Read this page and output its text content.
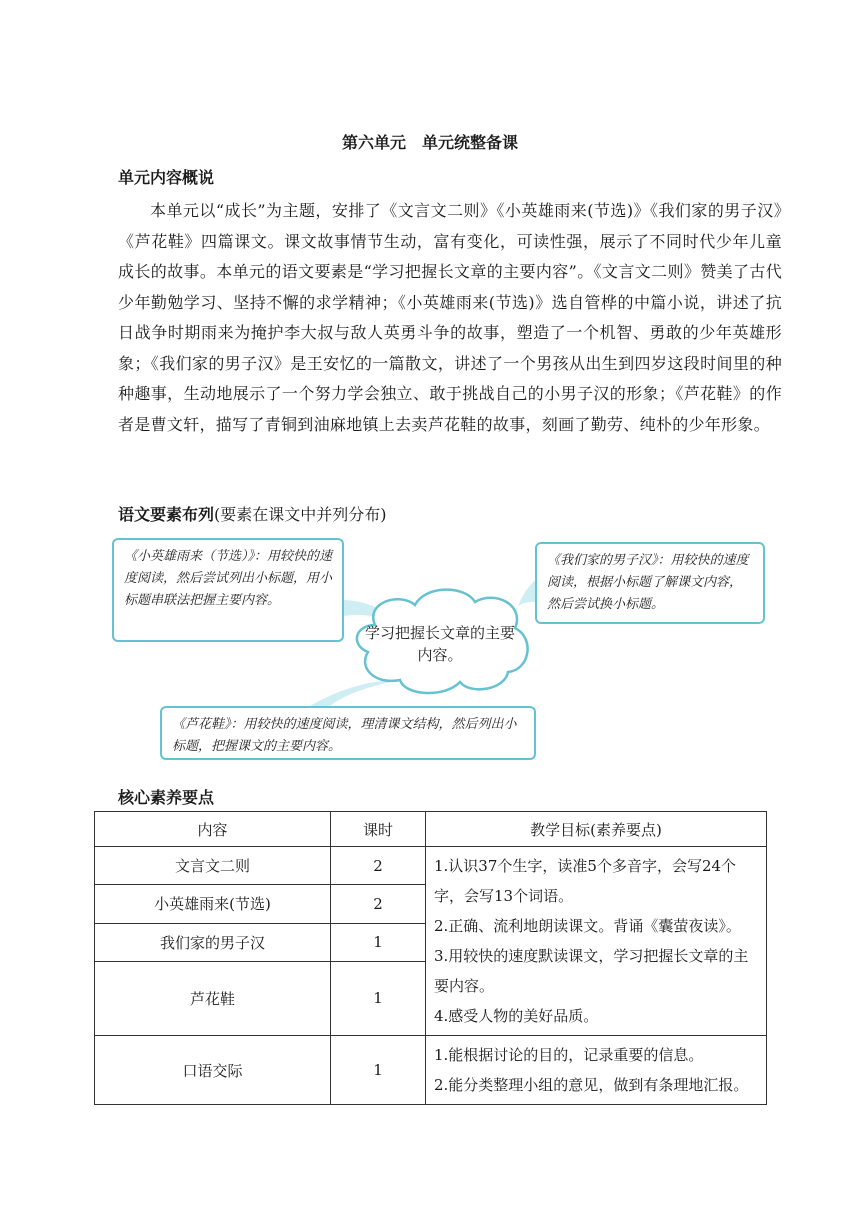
第六单元　单元统整备课
单元内容概说

本单元以“成长”为主题，安排了《文言文二则》《小英雄雨来(节选)》《我们家的男子汉》《芦花鞋》四篇课文。课文故事情节生动，富有变化，可读性强，展示了不同时代少年儿童成长的故事。本单元的语文要素是“学习把握长文章的主要内容”。《文言文二则》赞美了古代少年勤勉学习、坚持不懈的求学精神；《小英雄雨来(节选)》选自管桦的中篇小说，讲述了抗日战争时期雨来为掩护李大叔与敌人英勇斗争的故事，塑造了一个机智、勇敢的少年英雄形象；《我们家的男子汉》是王安忆的一篇散文，讲述了一个男孩从出生到四岁这段时间里的种种趣事，生动地展示了一个努力学会独立、敢于挑战自己的小男子汉的形象；《芦花鞋》的作者是曹文轩，描写了青铜到油麻地镇上去卖芦花鞋的故事，刻画了勤劳、纯朴的少年形象。

语文要素布列(要素在课文中并列分布)
《小英雄雨来（节选）》：用较快的速度阅读，然后尝试列出小标题，用小标题串联法把握主要内容。
《我们家的男子汉》：用较快的速度阅读，根据小标题了解课文内容，然后尝试换小标题。
《芦花鞋》：用较快的速度阅读，理清课文结构，然后列出小标题，把握课文的主要内容。
学习把握长文章的主要内容。
核心素养要点
内容	课时	教学目标(素养要点)
文言文二则	2	1.认识37个生字，读准5个多音字，会写24个字，会写13个词语。
2.正确、流利地朗读课文。背诵《囊萤夜读》。
3.用较快的速度默读课文，学习把握长文章的主要内容。
4.感受人物的美好品质。

小英雄雨来(节选)	2	
我们家的男子汉	1	
芦花鞋	1	
口语交际	1	1.能根据讨论的目的，记录重要的信息。
2.能分类整理小组的意见，做到有条理地汇报。
